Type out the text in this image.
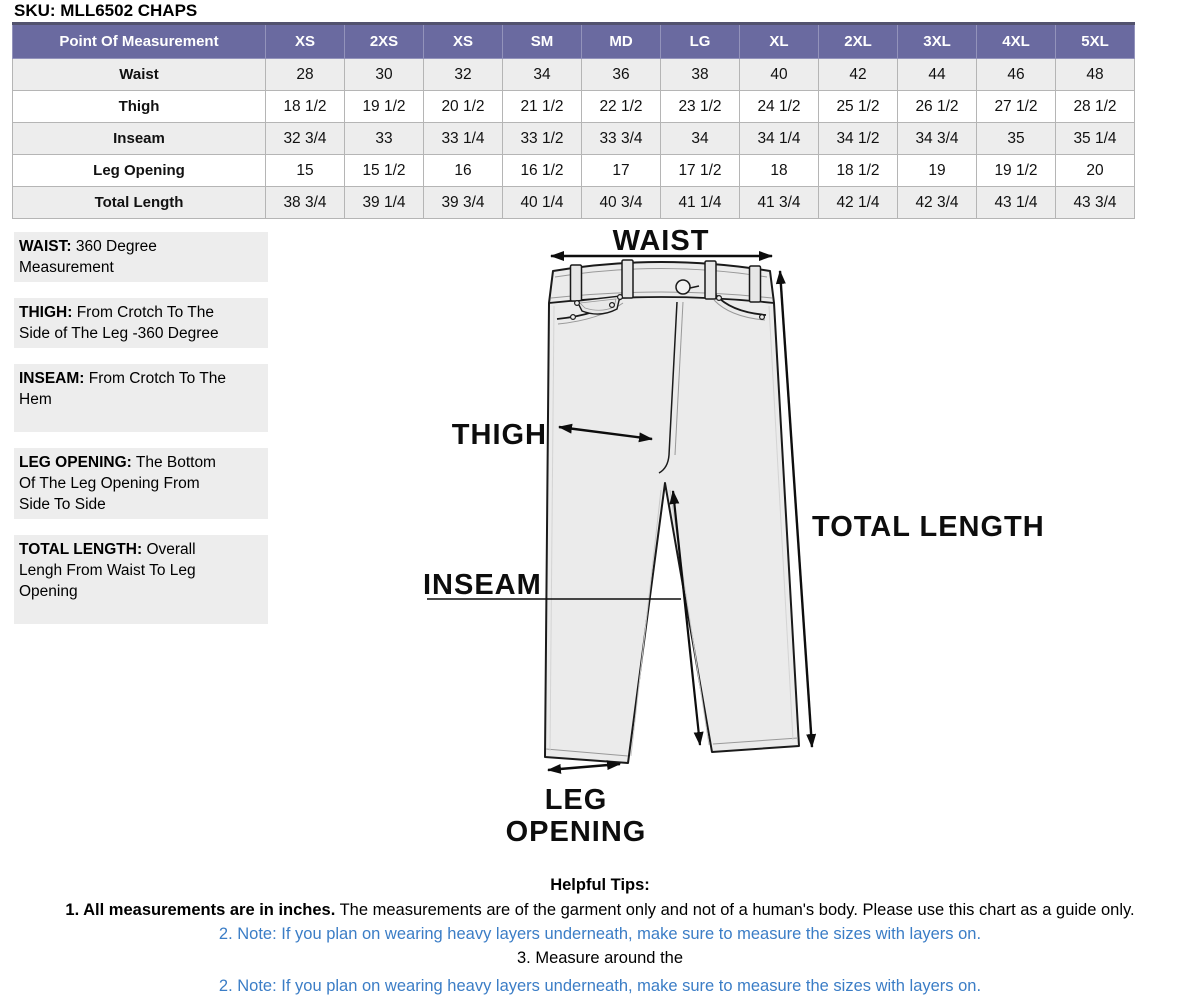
SKU: MLL6502 CHAPS
Point Of Measurement	XS	2XS	XS	SM	MD	LG	XL	2XL	3XL	4XL	5XL
Waist	28	30	32	34	36	38	40	42	44	46	48
Thigh	18 1/2	19 1/2	20 1/2	21 1/2	22 1/2	23 1/2	24 1/2	25 1/2	26 1/2	27 1/2	28 1/2
Inseam	32 3/4	33	33 1/4	33 1/2	33 3/4	34	34 1/4	34 1/2	34 3/4	35	35 1/4
Leg Opening	15	15 1/2	16	16 1/2	17	17 1/2	18	18 1/2	19	19 1/2	20
Total Length	38 3/4	39 1/4	39 3/4	40 1/4	40 3/4	41 1/4	41 3/4	42 1/4	42 3/4	43 1/4	43 3/4
WAIST: 360 Degree Measurement
THIGH: From Crotch To The Side of The Leg -360 Degree
INSEAM: From Crotch To The Hem
LEG OPENING: The Bottom Of The Leg Opening From Side To Side
TOTAL LENGTH: Overall Lengh From Waist To Leg Opening
WAIST
THIGH
TOTAL LENGTH
INSEAM
LEG
OPENING
Helpful Tips:
1. All measurements are in inches. The measurements are of the garment only and not of a human's body. Please use this chart as a guide only.
2. Note: If you plan on wearing heavy layers underneath, make sure to measure the sizes with layers on.
3. Measure around the
2. Note: If you plan on wearing heavy layers underneath, make sure to measure the sizes with layers on.
